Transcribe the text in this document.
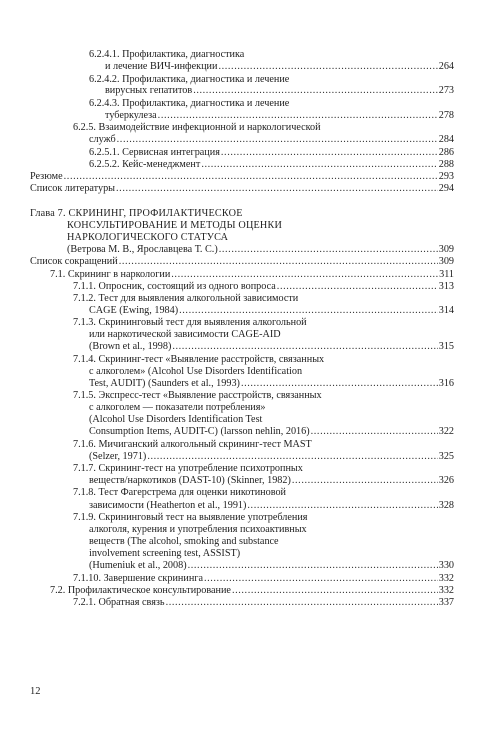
6.2.4.1. Профилактика, диагностика
и лечение ВИЧ-инфекции .....	264
6.2.4.2. Профилактика, диагностика и лечение
вирусных гепатитов .....	273
6.2.4.3. Профилактика, диагностика и лечение
туберкулеза .....	278
6.2.5. Взаимодействие инфекционной и наркологической
служб .....	284
6.2.5.1. Сервисная интеграция .....	286
6.2.5.2. Кейс-менеджмент .....	288
Резюме .....	293
Список литературы .....	294
Глава 7. СКРИНИНГ, ПРОФИЛАКТИЧЕСКОЕ
КОНСУЛЬТИРОВАНИЕ И МЕТОДЫ ОЦЕНКИ
НАРКОЛОГИЧЕСКОГО СТАТУСА
(Ветрова М. В., Ярославцева Т. С.) .....	309
Список сокращений .....	309
7.1. Скрининг в наркологии .....	311
7.1.1. Опросник, состоящий из одного вопроса .....	313
7.1.2. Тест для выявления алкогольной зависимости
CAGE (Ewing, 1984) .....	314
7.1.3. Скрининговый тест для выявления алкогольной
или наркотической зависимости CAGE-AID
(Brown et al., 1998) .....	315
7.1.4. Скрининг-тест «Выявление расстройств, связанных
с алкоголем» (Alcohol Use Disorders Identification
Test, AUDIT) (Saunders et al., 1993) .....	316
7.1.5. Экспресс-тест «Выявление расстройств, связанных
с алкоголем — показатели потребления»
(Alcohol Use Disorders Identification Test
Consumption Items, AUDIT-C) (larsson nehlin, 2016) .....	322
7.1.6. Мичиганский алкогольный скрининг-тест MAST
(Selzer, 1971) .....	325
7.1.7. Скрининг-тест на употребление психотропных
веществ/наркотиков (DAST-10) (Skinner, 1982) .....	326
7.1.8. Тест Фагерстрема для оценки никотиновой
зависимости (Heatherton et al., 1991) .....	328
7.1.9. Скрининговый тест на выявление употребления
алкоголя, курения и употребления психоактивных
веществ (The alcohol, smoking and substance
involvement screening test, ASSIST)
(Humeniuk et al., 2008) .....	330
7.1.10. Завершение скрининга .....	332
7.2. Профилактическое консультирование .....	332
7.2.1. Обратная связь .....	337
12
